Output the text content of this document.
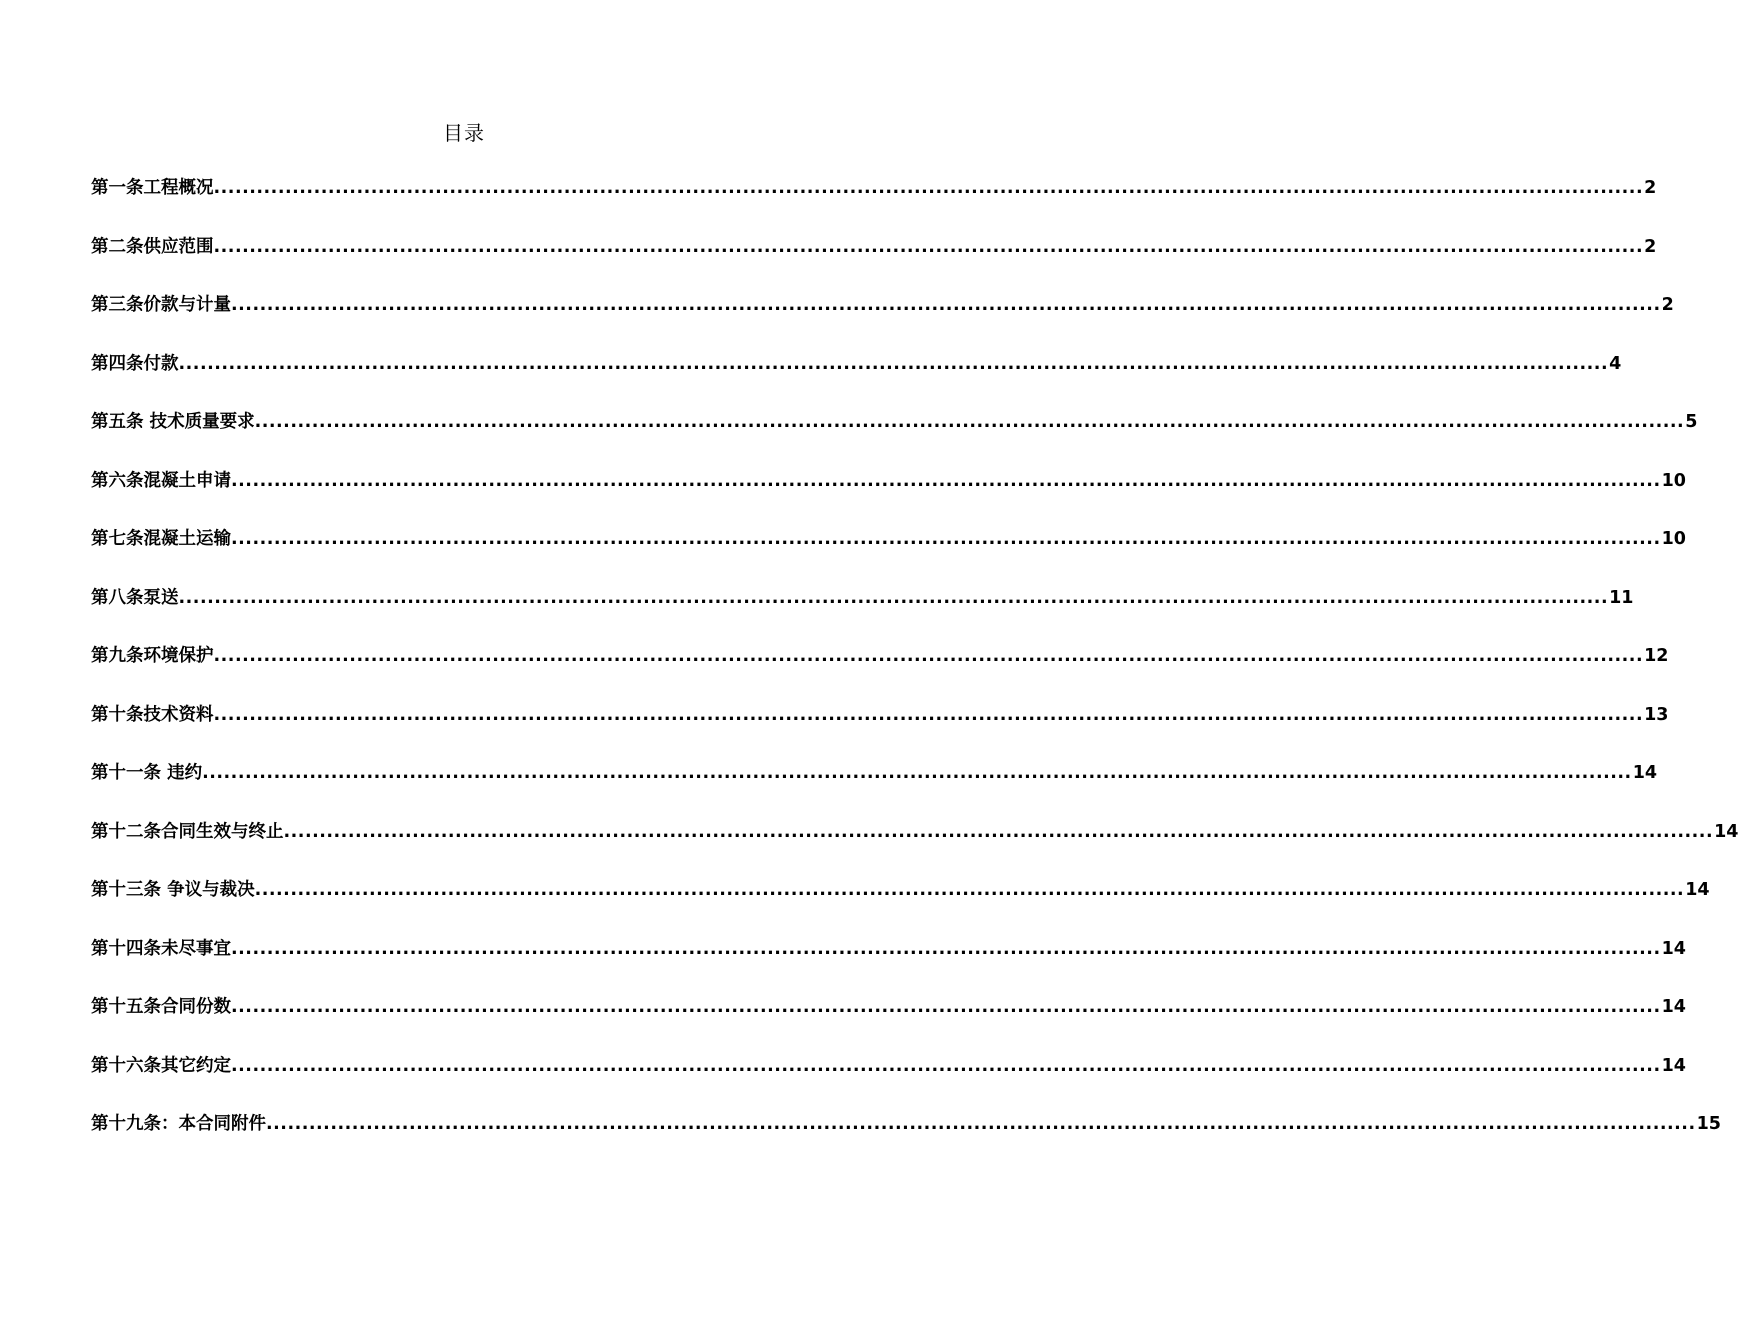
目录
第一条工程概况 ........................................................................................................................................................................................................ 2
第二条供应范围 ........................................................................................................................................................................................................ 2
第三条价款与计量 ........................................................................................................................................................................................................ 2
第四条付款 ........................................................................................................................................................................................................ 4
第五条 技术质量要求 ........................................................................................................................................................................................................ 5
第六条混凝土申请 ........................................................................................................................................................................................................ 10
第七条混凝土运输 ........................................................................................................................................................................................................ 10
第八条泵送 ........................................................................................................................................................................................................ 11
第九条环境保护 ........................................................................................................................................................................................................ 12
第十条技术资料 ........................................................................................................................................................................................................ 13
第十一条 违约 ........................................................................................................................................................................................................ 14
第十二条合同生效与终止 ........................................................................................................................................................................................................ 14
第十三条 争议与裁决 ........................................................................................................................................................................................................ 14
第十四条未尽事宜 ........................................................................................................................................................................................................ 14
第十五条合同份数 ........................................................................................................................................................................................................ 14
第十六条其它约定 ........................................................................................................................................................................................................ 14
第十九条：本合同附件 ........................................................................................................................................................................................................ 15
